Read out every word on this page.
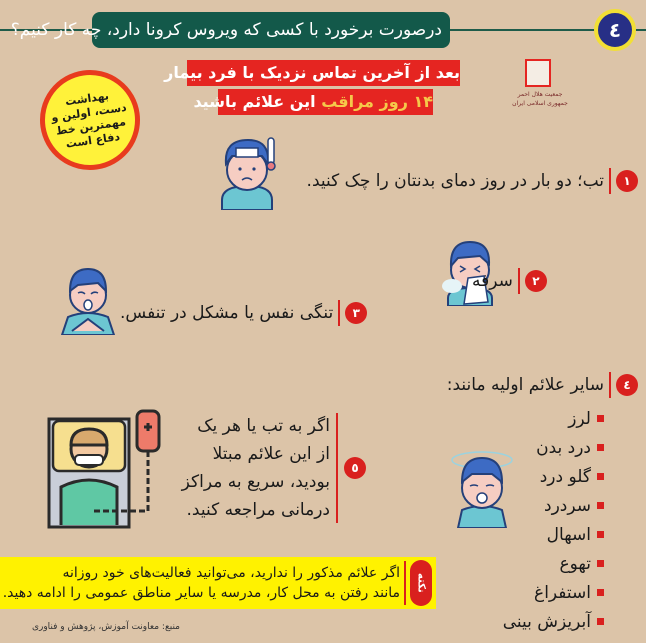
درصورت برخورد با کسی که ویروس کرونا دارد، چه کار کنیم؟	٤
بعد از آخرین تماس نزدیک با فرد بیمار
۱۴ روز مراقب این علائم باشید	جمعیت هلال احمر
جمهوری اسلامی ایران
بهداشت دست، اولین و مهمترین خط دفاع است
١
تب؛ دو بار در روز دمای بدنتان را چک کنید.
٢
سرفه
٣
تنگی نفس یا مشکل در تنفس.
٤
سایر علائم اولیه مانند:
لرز
درد بدن
گلو درد
سردرد
اسهال
تهوع
استفراغ
آبریزش بینی
٥
اگر به تب یا هر یک از این علائم مبتلا بودید، سریع به مراکز درمانی مراجعه کنید.
نکته
اگر علائم مذکور را ندارید، می‌توانید فعالیت‌های خود روزانه
مانند رفتن به محل کار، مدرسه یا سایر مناطق عمومی را ادامه دهید.
منبع: معاونت آموزش، پژوهش و فناوری
